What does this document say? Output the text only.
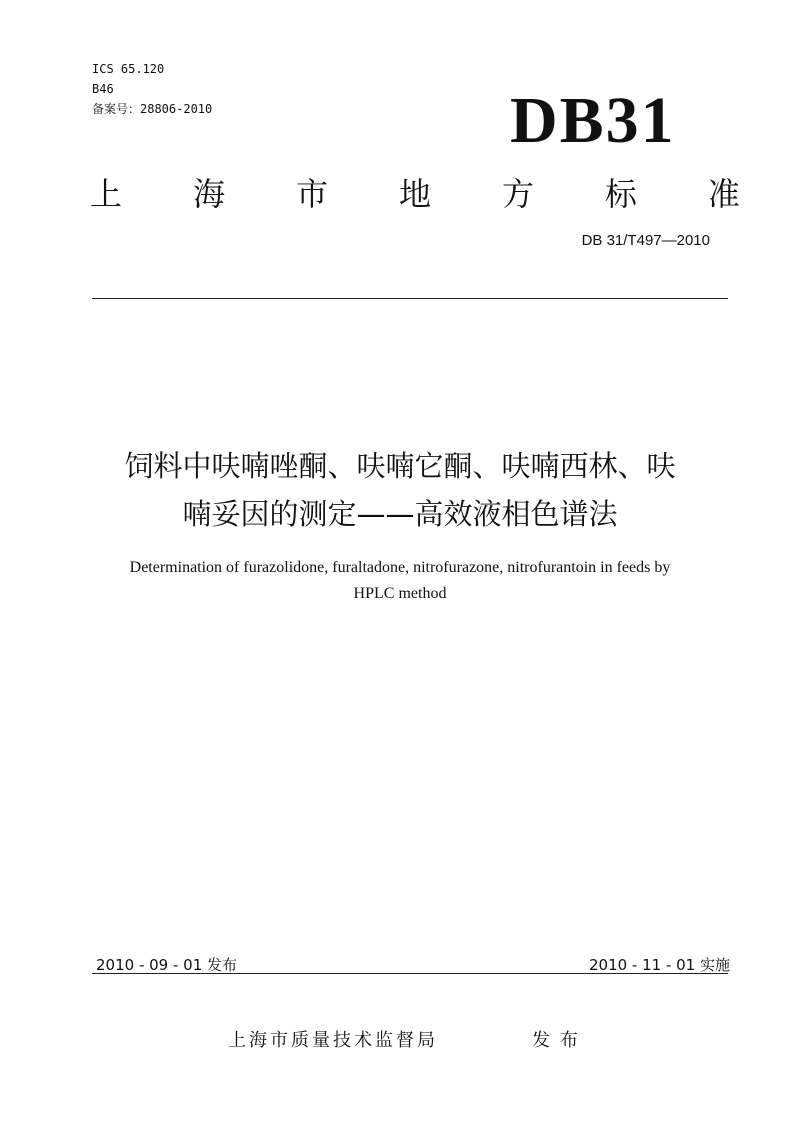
ICS 65.120
B46
备案号：28806-2010	DB31
上 海 市 地 方 标 准
DB 31/T497—2010
饲料中呋喃唑酮、呋喃它酮、呋喃西林、呋
喃妥因的测定——高效液相色谱法
Determination of furazolidone, furaltadone, nitrofurazone, nitrofurantoin in feeds by
HPLC method
2010 - 09 - 01 发布	2010 - 11 - 01 实施
上海市质量技术监督局	发布
